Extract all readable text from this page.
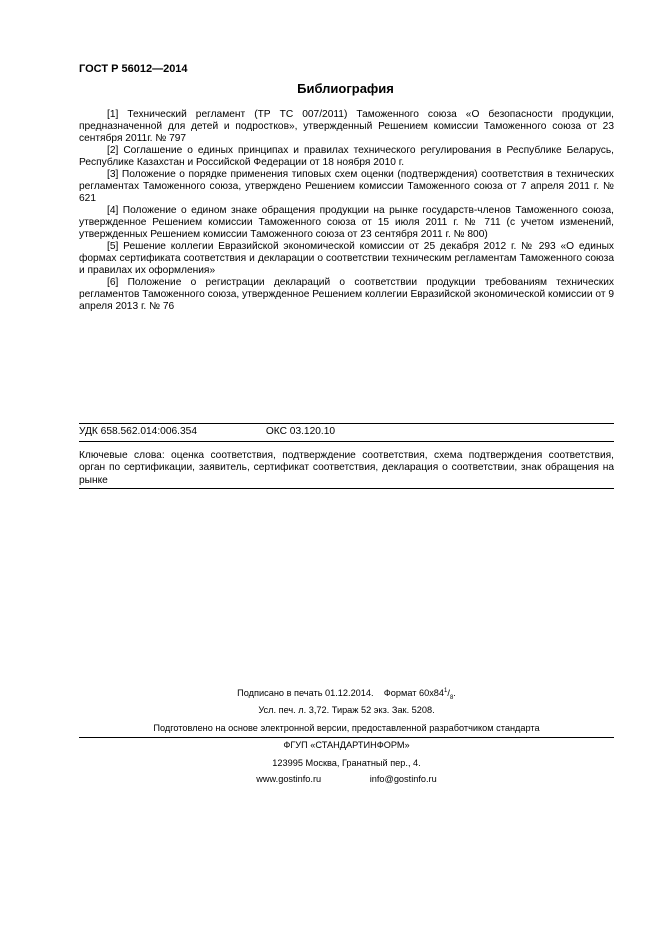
ГОСТ Р 56012—2014
Библиография

[1] Технический регламент (ТР ТС 007/2011) Таможенного союза «О безопасности продукции, предназначенной для детей и подростков», утвержденный Решением комиссии Таможенного союза от 23 сентября 2011г. № 797

[2] Соглашение о единых принципах и правилах технического регулирования в Республике Беларусь, Республике Казахстан и Российской Федерации от 18 ноября 2010 г.

[3] Положение о порядке применения типовых схем оценки (подтверждения) соответствия в технических регламентах Таможенного союза, утверждено Решением комиссии Таможенного союза от 7 апреля 2011 г. № 621

[4] Положение о едином знаке обращения продукции на рынке государств-членов Таможенного союза, утвержденное Решением комиссии Таможенного союза от 15 июля 2011 г. № 711 (с учетом изменений, утвержденных Решением комиссии Таможенного союза от 23 сентября 2011 г. № 800)

[5] Решение коллегии Евразийской экономической комиссии от 25 декабря 2012 г. № 293 «О единых формах сертификата соответствия и декларации о соответствии техническим регламентам Таможенного союза и правилах их оформления»

[6] Положение о регистрации деклараций о соответствии продукции требованиям технических регламентов Таможенного союза, утвержденное Решением коллегии Евразийской экономической комиссии от 9 апреля 2013 г. № 76

УДК 658.562.014:006.354	ОКС 03.120.10
Ключевые слова: оценка соответствия, подтверждение соответствия, схема подтверждения соответствия, орган по сертификации, заявитель, сертификат соответствия, декларация о соответствии, знак обращения на рынке
Подписано в печать 01.12.2014. Формат $60х84^1/_8$.
Усл. печ. л. 3,72. Тираж 52 экз. Зак. 5208.
Подготовлено на основе электронной версии, предоставленной разработчиком стандарта
ФГУП «СТАНДАРТИНФОРМ»
123995 Москва, Гранатный пер., 4.
www.gostinfo.ru	info@gostinfo.ru
